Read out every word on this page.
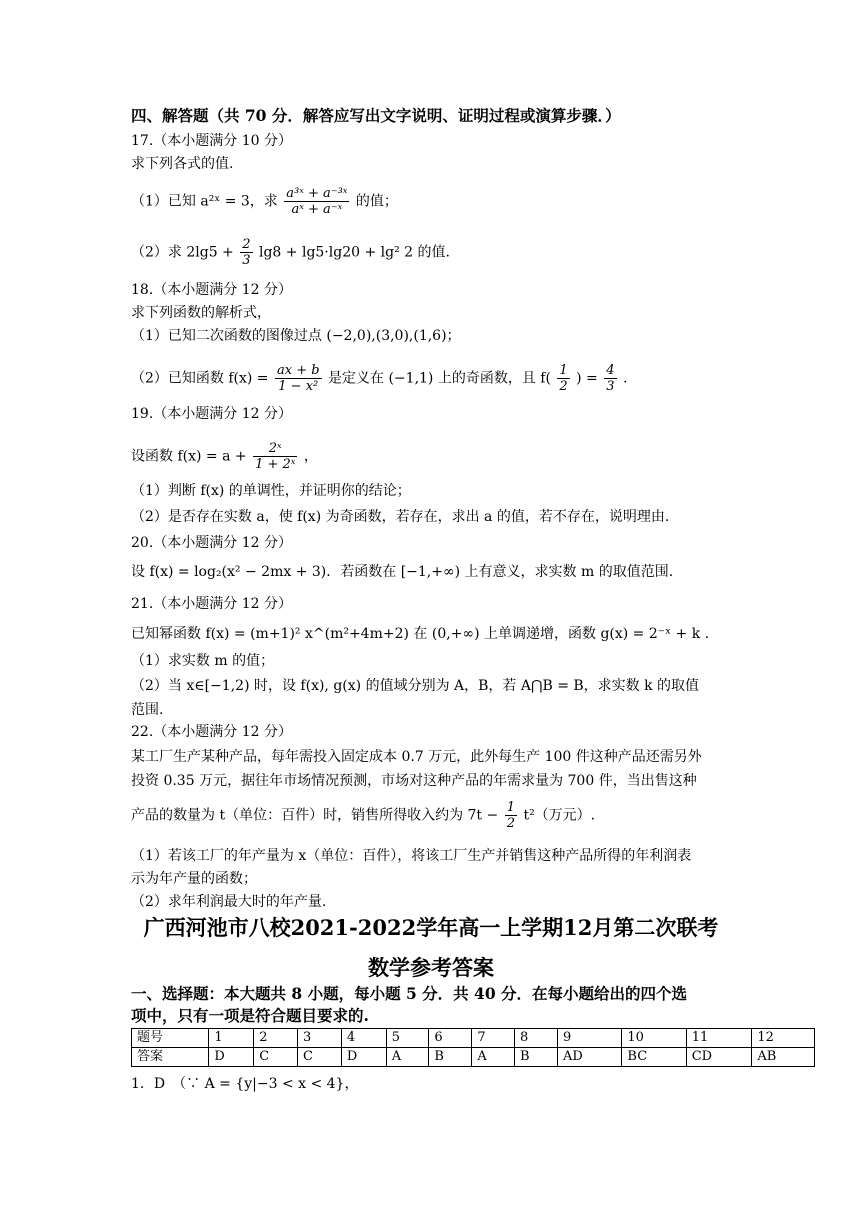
四、解答题（共 70 分．解答应写出文字说明、证明过程或演算步骤．）
17.（本小题满分 10 分）
求下列各式的值.
（1）已知 a²ˣ = 3，求 $\frac{\text{a³ˣ + a⁻³ˣ}}{\text{aˣ + a⁻ˣ}}$ 的值；
（2）求 $2\lg 5 + \frac{2}{3} \lg 8 + \lg 5\cdot\lg 20 + \lg^2$ 2 的值.
18.（本小题满分 12 分）
求下列函数的解析式，
（1）已知二次函数的图像过点 (−2,0),(3,0),(1,6)；
（2）已知函数 $f(x) = \frac{ax + b}{\text{1 − x²}}$ 是定义在 (−1,1) 上的奇函数，且 $f( \frac{1}{2}$ ) = $\frac{4}{3}$ .
19.（本小题满分 12 分）
设函数 $f(x) = a + \frac{\text{2ˣ}}{\text{1 + 2ˣ}}$ ，
（1）判断 f(x) 的单调性，并证明你的结论；
（2）是否存在实数 a，使 f(x) 为奇函数，若存在，求出 a 的值，若不存在，说明理由.
20.（本小题满分 12 分）
设 f(x) = log₂(x² − 2mx + 3)．若函数在 [−1,+∞) 上有意义，求实数 m 的取值范围.
21.（本小题满分 12 分）
已知幂函数 f(x) = (m+1)² x^(m²+4m+2) 在 (0,+∞) 上单调递增，函数 g(x) = 2⁻ˣ + k .
（1）求实数 m 的值；
（2）当 x∈[−1,2) 时，设 f(x), g(x) 的值域分别为 A，B，若 A⋂B = B，求实数 k 的取值
范围.
22.（本小题满分 12 分）
某工厂生产某种产品，每年需投入固定成本 0.7 万元，此外每生产 100 件这种产品还需另外
投资 0.35 万元，据往年市场情况预测，市场对这种产品的年需求量为 700 件，当出售这种
产品的数量为 t（单位：百件）时，销售所得收入约为 $7t - \frac{1}{2} t^2$（万元）.
（1）若该工厂的年产量为 x（单位：百件），将该工厂生产并销售这种产品所得的年利润表
示为年产量的函数；
（2）求年利润最大时的年产量.
广西河池市八校2021-2022学年高一上学期12月第二次联考
数学参考答案
一、选择题：本大题共 8 小题，每小题 5 分．共 40 分．在每小题给出的四个选
项中，只有一项是符合题目要求的.
题号	1	2	3	4	5	6	7	8	9	10	11	12
答案	D	C	C	D	A	B	A	B	AD	BC	CD	AB
1．D　（∵ A = {y|−3 < x < 4}，
